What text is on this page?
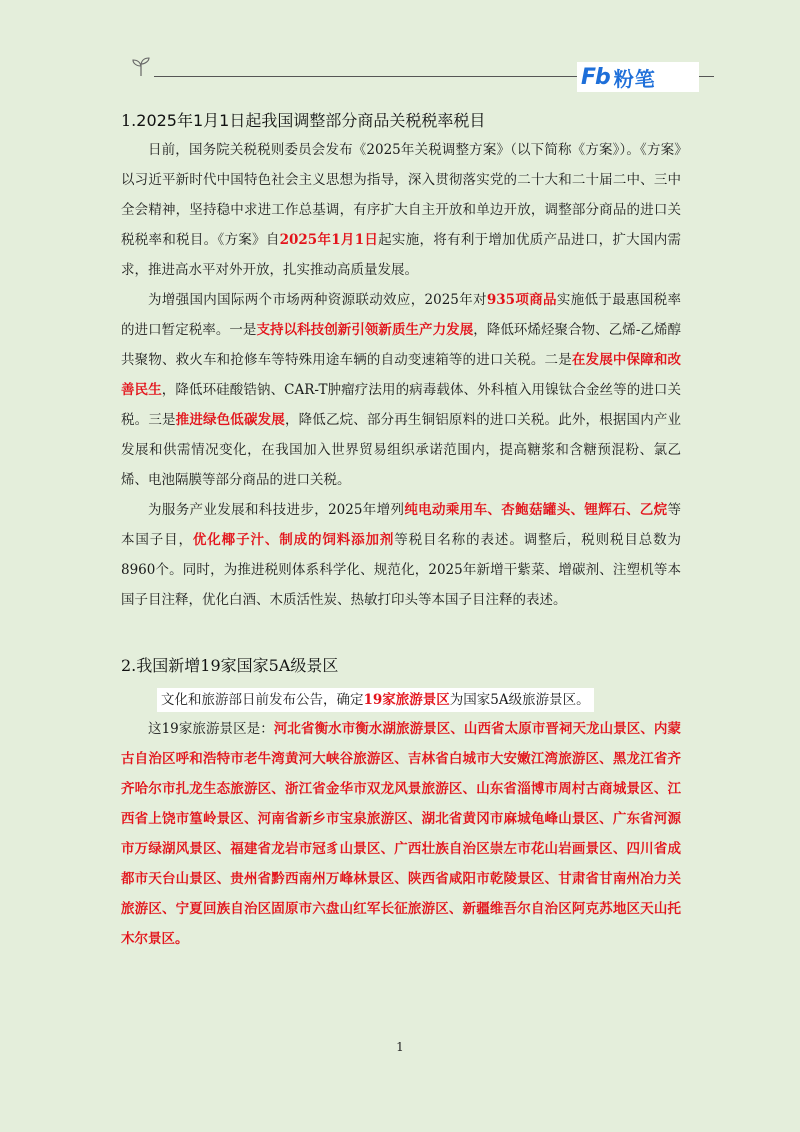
Fb 粉笔
1.2025年1月1日起我国调整部分商品关税税率税目

日前，国务院关税税则委员会发布《2025年关税调整方案》（以下简称《方案》）。《方案》以习近平新时代中国特色社会主义思想为指导，深入贯彻落实党的二十大和二十届二中、三中全会精神，坚持稳中求进工作总基调，有序扩大自主开放和单边开放，调整部分商品的进口关税税率和税目。《方案》自2025年1月1日起实施，将有利于增加优质产品进口，扩大国内需求，推进高水平对外开放，扎实推动高质量发展。

为增强国内国际两个市场两种资源联动效应，2025年对935项商品实施低于最惠国税率的进口暂定税率。一是支持以科技创新引领新质生产力发展，降低环烯烃聚合物、乙烯-乙烯醇共聚物、救火车和抢修车等特殊用途车辆的自动变速箱等的进口关税。二是在发展中保障和改善民生，降低环硅酸锆钠、CAR-T肿瘤疗法用的病毒载体、外科植入用镍钛合金丝等的进口关税。三是推进绿色低碳发展，降低乙烷、部分再生铜铝原料的进口关税。此外，根据国内产业发展和供需情况变化，在我国加入世界贸易组织承诺范围内，提高糖浆和含糖预混粉、氯乙烯、电池隔膜等部分商品的进口关税。

为服务产业发展和科技进步，2025年增列纯电动乘用车、杏鲍菇罐头、锂辉石、乙烷等本国子目，优化椰子汁、制成的饲料添加剂等税目名称的表述。调整后，税则税目总数为8960个。同时，为推进税则体系科学化、规范化，2025年新增干紫菜、增碳剂、注塑机等本国子目注释，优化白酒、木质活性炭、热敏打印头等本国子目注释的表述。

2.我国新增19家国家5A级景区
文化和旅游部日前发布公告，确定19家旅游景区为国家5A级旅游景区。

这19家旅游景区是：河北省衡水市衡水湖旅游景区、山西省太原市晋祠天龙山景区、内蒙古自治区呼和浩特市老牛湾黄河大峡谷旅游区、吉林省白城市大安嫩江湾旅游区、黑龙江省齐齐哈尔市扎龙生态旅游区、浙江省金华市双龙风景旅游区、山东省淄博市周村古商城景区、江西省上饶市篁岭景区、河南省新乡市宝泉旅游区、湖北省黄冈市麻城龟峰山景区、广东省河源市万绿湖风景区、福建省龙岩市冠豸山景区、广西壮族自治区崇左市花山岩画景区、四川省成都市天台山景区、贵州省黔西南州万峰林景区、陕西省咸阳市乾陵景区、甘肃省甘南州冶力关旅游区、宁夏回族自治区固原市六盘山红军长征旅游区、新疆维吾尔自治区阿克苏地区天山托木尔景区。

1
